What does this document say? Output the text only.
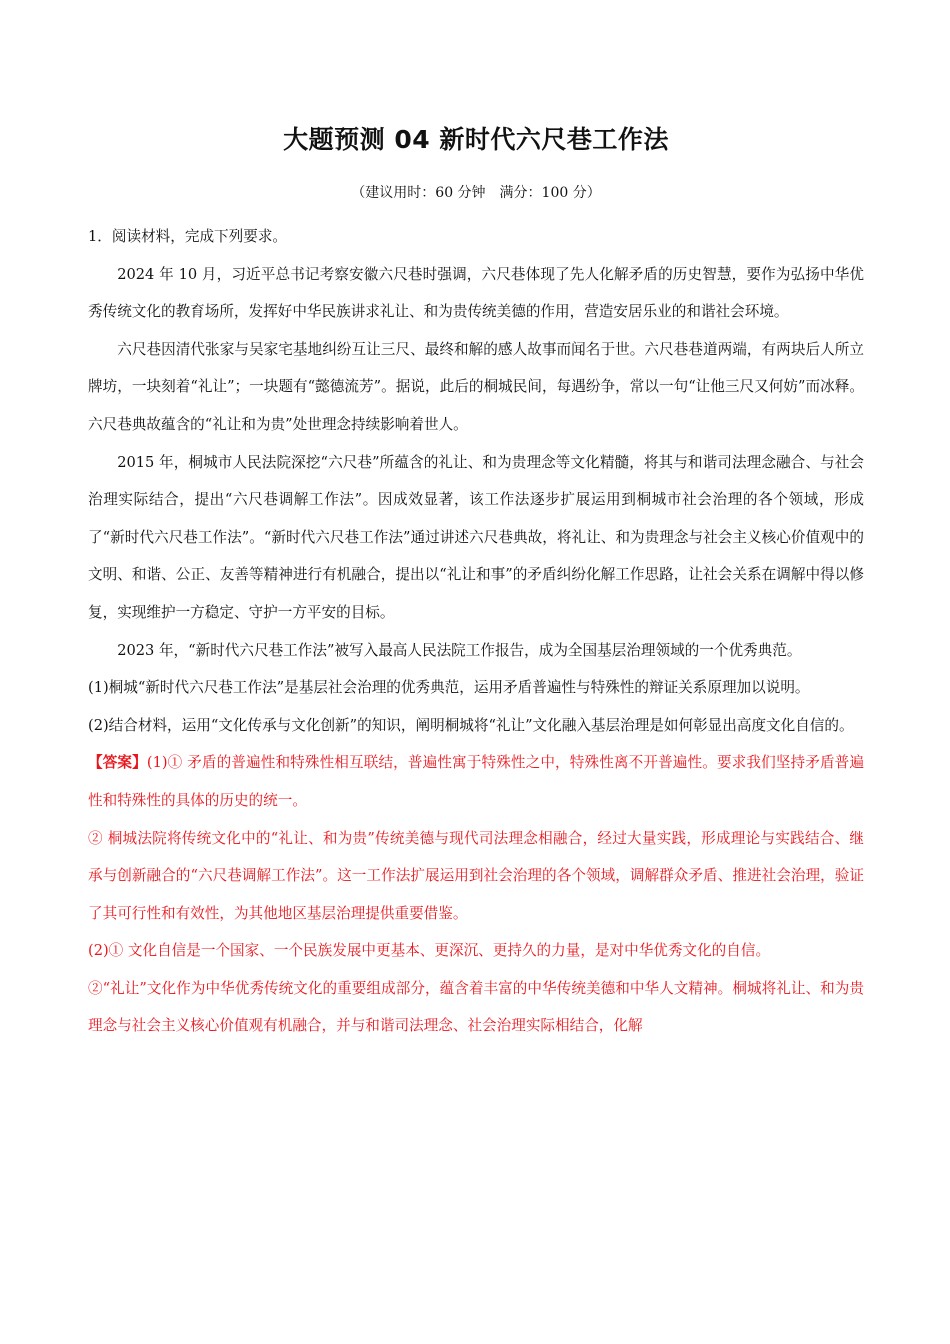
大题预测 04 新时代六尺巷工作法
（建议用时：60 分钟　满分：100 分）

1．阅读材料，完成下列要求。

2024 年 10 月，习近平总书记考察安徽六尺巷时强调，六尺巷体现了先人化解矛盾的历史智慧，要作为弘扬中华优秀传统文化的教育场所，发挥好中华民族讲求礼让、和为贵传统美德的作用，营造安居乐业的和谐社会环境。

六尺巷因清代张家与吴家宅基地纠纷互让三尺、最终和解的感人故事而闻名于世。六尺巷巷道两端，有两块后人所立牌坊，一块刻着“礼让”；一块题有“懿德流芳”。据说，此后的桐城民间，每遇纷争，常以一句“让他三尺又何妨”而冰释。六尺巷典故蕴含的“礼让和为贵”处世理念持续影响着世人。

2015 年，桐城市人民法院深挖“六尺巷”所蕴含的礼让、和为贵理念等文化精髓，将其与和谐司法理念融合、与社会治理实际结合，提出“六尺巷调解工作法”。因成效显著，该工作法逐步扩展运用到桐城市社会治理的各个领域，形成了“新时代六尺巷工作法”。“新时代六尺巷工作法”通过讲述六尺巷典故，将礼让、和为贵理念与社会主义核心价值观中的文明、和谐、公正、友善等精神进行有机融合，提出以“礼让和事”的矛盾纠纷化解工作思路，让社会关系在调解中得以修复，实现维护一方稳定、守护一方平安的目标。

2023 年，“新时代六尺巷工作法”被写入最高人民法院工作报告，成为全国基层治理领域的一个优秀典范。

(1)桐城“新时代六尺巷工作法”是基层社会治理的优秀典范，运用矛盾普遍性与特殊性的辩证关系原理加以说明。

(2)结合材料，运用“文化传承与文化创新”的知识，阐明桐城将“礼让”文化融入基层治理是如何彰显出高度文化自信的。

【答案】(1)① 矛盾的普遍性和特殊性相互联结，普遍性寓于特殊性之中，特殊性离不开普遍性。要求我们坚持矛盾普遍性和特殊性的具体的历史的统一。

② 桐城法院将传统文化中的“礼让、和为贵”传统美德与现代司法理念相融合，经过大量实践，形成理论与实践结合、继承与创新融合的“六尺巷调解工作法”。这一工作法扩展运用到社会治理的各个领域，调解群众矛盾、推进社会治理，验证了其可行性和有效性，为其他地区基层治理提供重要借鉴。

(2)① 文化自信是一个国家、一个民族发展中更基本、更深沉、更持久的力量，是对中华优秀文化的自信。

②“礼让”文化作为中华优秀传统文化的重要组成部分，蕴含着丰富的中华传统美德和中华人文精神。桐城将礼让、和为贵理念与社会主义核心价值观有机融合，并与和谐司法理念、社会治理实际相结合，化解
